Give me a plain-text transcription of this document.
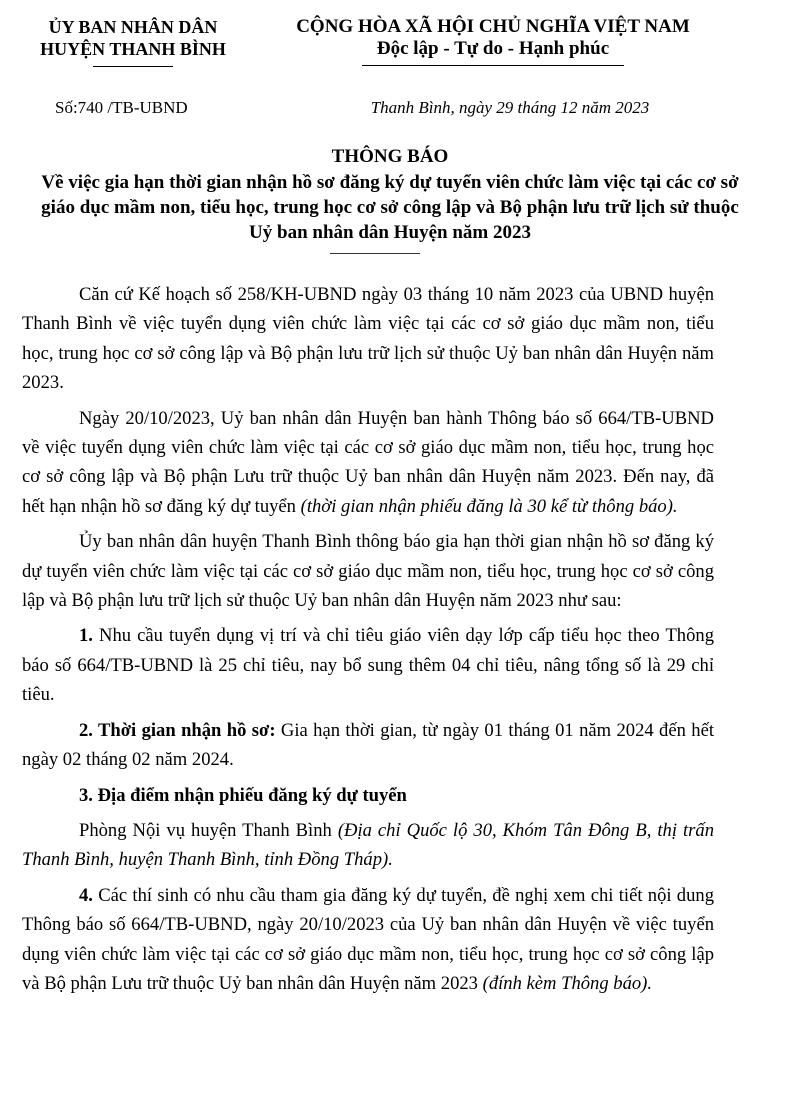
ỦY BAN NHÂN DÂN
HUYỆN THANH BÌNH
CỘNG HÒA XÃ HỘI CHỦ NGHĨA VIỆT NAM
Độc lập - Tự do - Hạnh phúc
Số:740 /TB-UBND	Thanh Bình, ngày 29 tháng 12 năm 2023
THÔNG BÁO
Về việc gia hạn thời gian nhận hồ sơ đăng ký dự tuyển viên chức làm việc tại các cơ sở giáo dục mầm non, tiểu học, trung học cơ sở công lập và Bộ phận lưu trữ lịch sử thuộc Uỷ ban nhân dân Huyện năm 2023

Căn cứ Kế hoạch số 258/KH-UBND ngày 03 tháng 10 năm 2023 của UBND huyện Thanh Bình về việc tuyển dụng viên chức làm việc tại các cơ sở giáo dục mầm non, tiểu học, trung học cơ sở công lập và Bộ phận lưu trữ lịch sử thuộc Uỷ ban nhân dân Huyện năm 2023.

Ngày 20/10/2023, Uỷ ban nhân dân Huyện ban hành Thông báo số 664/TB-UBND về việc tuyển dụng viên chức làm việc tại các cơ sở giáo dục mầm non, tiểu học, trung học cơ sở công lập và Bộ phận Lưu trữ thuộc Uỷ ban nhân dân Huyện năm 2023. Đến nay, đã hết hạn nhận hồ sơ đăng ký dự tuyển (thời gian nhận phiếu đăng là 30 kể từ thông báo).

Ủy ban nhân dân huyện Thanh Bình thông báo gia hạn thời gian nhận hồ sơ đăng ký dự tuyển viên chức làm việc tại các cơ sở giáo dục mầm non, tiểu học, trung học cơ sở công lập và Bộ phận lưu trữ lịch sử thuộc Uỷ ban nhân dân Huyện năm 2023 như sau:

1. Nhu cầu tuyển dụng vị trí và chỉ tiêu giáo viên dạy lớp cấp tiểu học theo Thông báo số 664/TB-UBND là 25 chỉ tiêu, nay bổ sung thêm 04 chỉ tiêu, nâng tổng số là 29 chỉ tiêu.

2. Thời gian nhận hồ sơ: Gia hạn thời gian, từ ngày 01 tháng 01 năm 2024 đến hết ngày 02 tháng 02 năm 2024.

3. Địa điểm nhận phiếu đăng ký dự tuyển

Phòng Nội vụ huyện Thanh Bình (Địa chỉ Quốc lộ 30, Khóm Tân Đông B, thị trấn Thanh Bình, huyện Thanh Bình, tỉnh Đồng Tháp).

4. Các thí sinh có nhu cầu tham gia đăng ký dự tuyển, đề nghị xem chi tiết nội dung Thông báo số 664/TB-UBND, ngày 20/10/2023 của Uỷ ban nhân dân Huyện về việc tuyển dụng viên chức làm việc tại các cơ sở giáo dục mầm non, tiểu học, trung học cơ sở công lập và Bộ phận Lưu trữ thuộc Uỷ ban nhân dân Huyện năm 2023 (đính kèm Thông báo).
